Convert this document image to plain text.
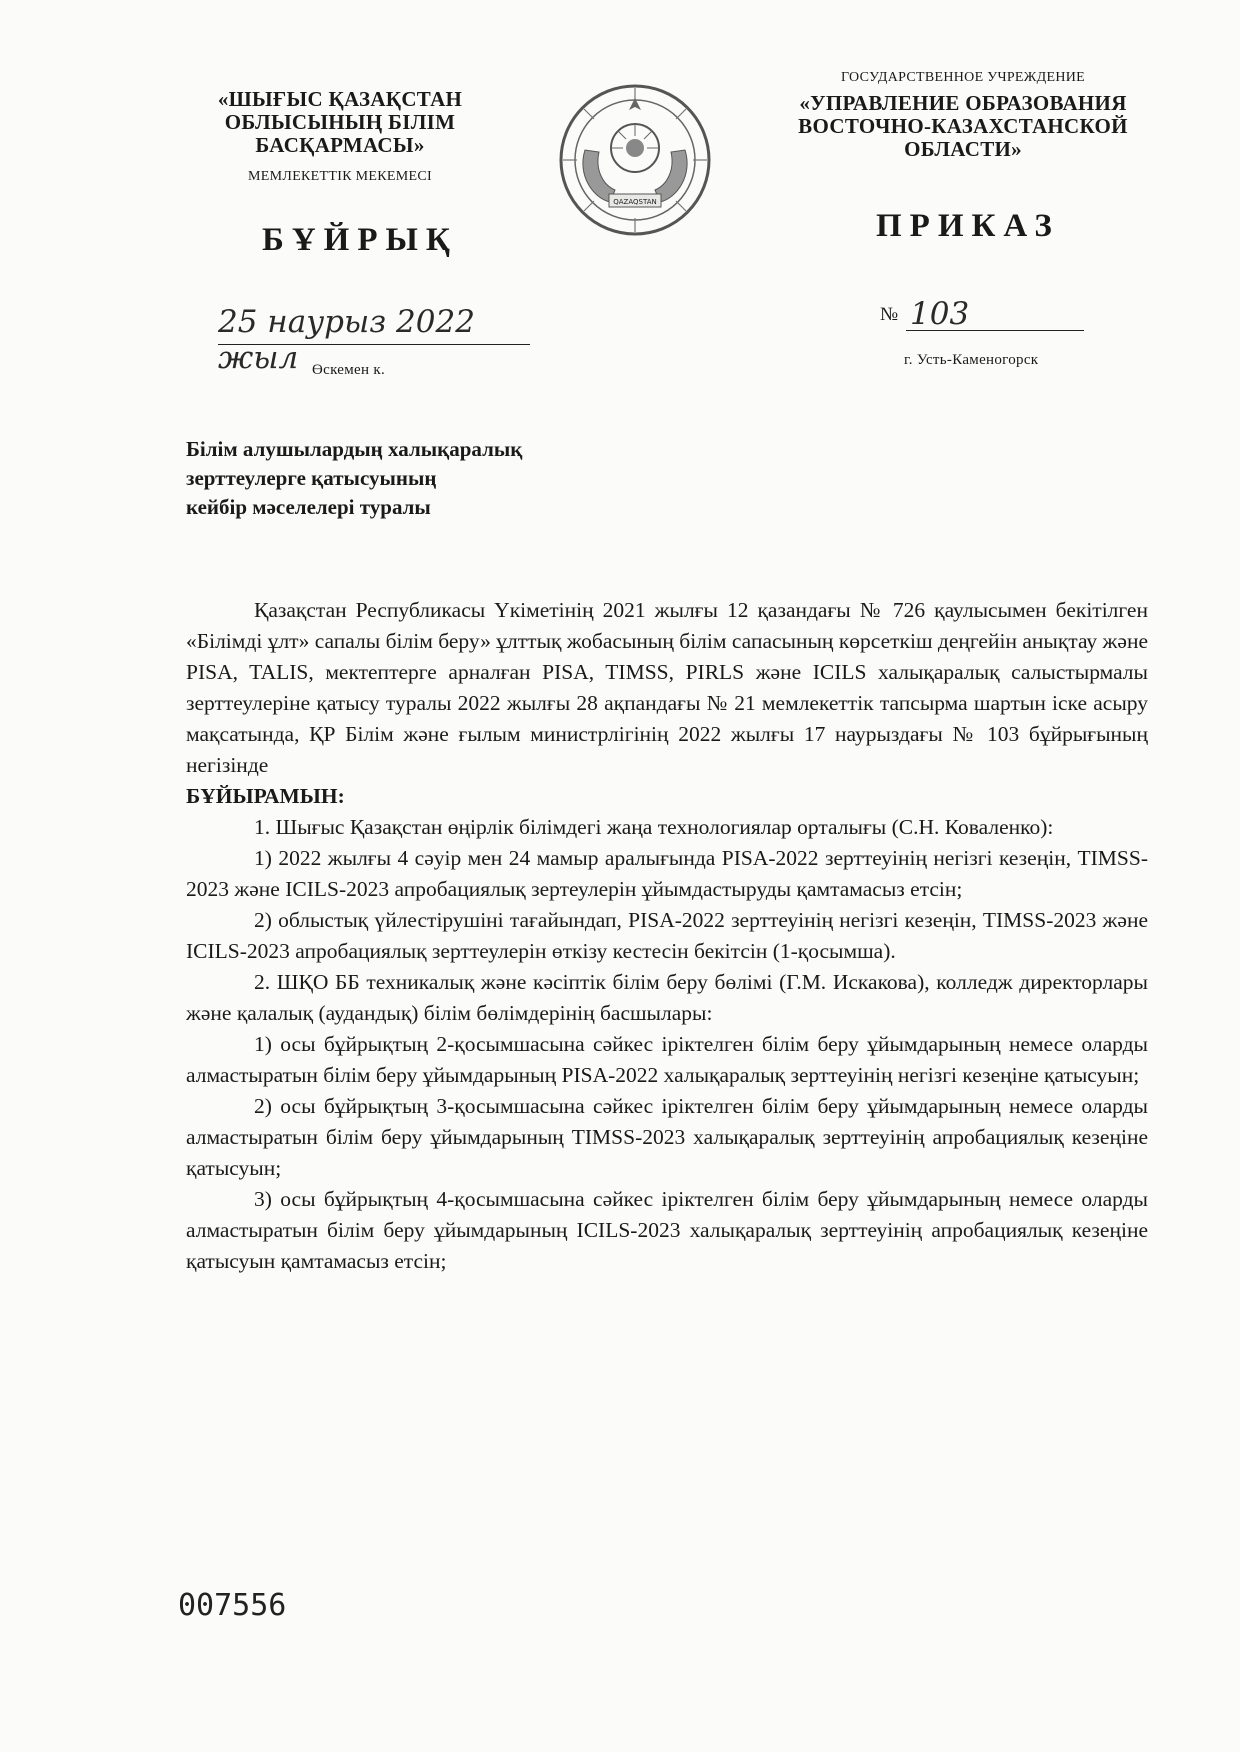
«ШЫҒЫС ҚАЗАҚСТАН
ОБЛЫСЫНЫҢ БІЛІМ
БАСҚАРМАСЫ»
МЕМЛЕКЕТТІК МЕКЕМЕСІ
QAZAQSTAN
ГОСУДАРСТВЕННОЕ УЧРЕЖДЕНИЕ
«УПРАВЛЕНИЕ ОБРАЗОВАНИЯ
ВОСТОЧНО-КАЗАХСТАНСКОЙ
ОБЛАСТИ»
БҰЙРЫҚ	ПРИКАЗ
25 наурыз 2022 жыл Өскемен к.
№ 103
г. Усть-Каменогорск
Білім алушылардың халықаралық
зерттеулерге қатысуының
кейбір мәселелері туралы

Қазақстан Республикасы Үкіметінің 2021 жылғы 12 қазандағы № 726 қаулысымен бекітілген «Білімді ұлт» сапалы білім беру» ұлттық жобасының білім сапасының көрсеткіш деңгейін анықтау және PISA, TALIS, мектептерге арналған PISA, TIMSS, PIRLS және ICILS халықаралық салыстырмалы зерттеулеріне қатысу туралы 2022 жылғы 28 ақпандағы № 21 мемлекеттік тапсырма шартын іске асыру мақсатында, ҚР Білім және ғылым министрлігінің 2022 жылғы 17 наурыздағы № 103 бұйрығының негізінде

БҰЙЫРАМЫН:

1. Шығыс Қазақстан өңірлік білімдегі жаңа технологиялар орталығы (С.Н. Коваленко):

1) 2022 жылғы 4 сәуір мен 24 мамыр аралығында PISA-2022 зерттеуінің негізгі кезеңін, TIMSS-2023 және ICILS-2023 апробациялық зертеулерін ұйымдастыруды қамтамасыз етсін;

2) облыстық үйлестірушіні тағайындап, PISA-2022 зерттеуінің негізгі кезеңін, TIMSS-2023 және ICILS-2023 апробациялық зерттеулерін өткізу кестесін бекітсін (1-қосымша).

2. ШҚО ББ техникалық және кәсіптік білім беру бөлімі (Г.М. Искакова), колледж директорлары және қалалық (аудандық) білім бөлімдерінің басшылары:

1) осы бұйрықтың 2-қосымшасына сәйкес іріктелген білім беру ұйымдарының немесе оларды алмастыратын білім беру ұйымдарының PISA-2022 халықаралық зерттеуінің негізгі кезеңіне қатысуын;

2) осы бұйрықтың 3-қосымшасына сәйкес іріктелген білім беру ұйымдарының немесе оларды алмастыратын білім беру ұйымдарының TIMSS-2023 халықаралық зерттеуінің апробациялық кезеңіне қатысуын;

3) осы бұйрықтың 4-қосымшасына сәйкес іріктелген білім беру ұйымдарының немесе оларды алмастыратын білім беру ұйымдарының ICILS-2023 халықаралық зерттеуінің апробациялық кезеңіне қатысуын қамтамасыз етсін;

007556
